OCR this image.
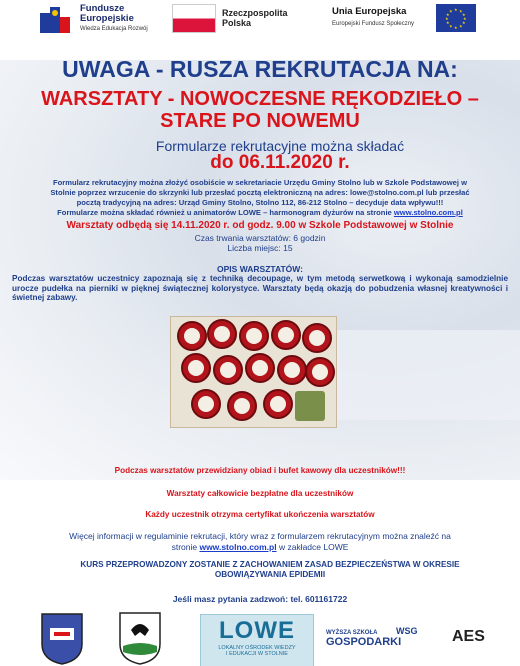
Fundusze
Europejskie
Wiedza Edukacja Rozwój
Rzeczpospolita
Polska
Unia Europejska
Europejski Fundusz Społeczny
★ ★
★
★
★
★
★
★
★
★
★
★
UWAGA - RUSZA REKRUTACJA NA:
WARSZTATY - NOWOCZESNE RĘKODZIEŁO –
STARE PO NOWEMU
Formularze rekrutacyjne można składać
do 06.11.2020 r.
Formularz rekrutacyjny można złożyć osobiście w sekretariacie Urzędu Gminy Stolno lub w Szkole Podstawowej w
Stolnie poprzez wrzucenie do skrzynki lub przesłać pocztą elektroniczną na adres: lowe@stolno.com.pl lub przesłać
pocztą tradycyjną na adres: Urząd Gminy Stolno, Stolno 112, 86-212 Stolno – decyduje data wpływu!!!
Formularze można składać również u animatorów LOWE – harmonogram dyżurów na stronie www.stolno.com.pl
Warsztaty odbędą się 14.11.2020 r. od godz. 9.00 w Szkole Podstawowej w Stolnie
Czas trwania warsztatów: 6 godzin
Liczba miejsc: 15
OPIS WARSZTATÓW:
Podczas warsztatów uczestnicy zapoznają się z techniką decoupage, w tym metodą serwetkową i wykonają samodzielnie urocze pudełka na pierniki w pięknej świątecznej kolorystyce. Warsztaty będą okazją do pobudzenia własnej kreatywności i świetnej zabawy.
Podczas warsztatów przewidziany obiad i bufet kawowy dla uczestników!!!
Warsztaty całkowicie bezpłatne dla uczestników
Każdy uczestnik otrzyma certyfikat ukończenia warsztatów
Więcej informacji w regulaminie rekrutacji, który wraz z formularzem rekrutacyjnym można znaleźć na
stronie www.stolno.com.pl w zakładce LOWE
KURS PRZEPROWADZONY ZOSTANIE Z ZACHOWANIEM ZASAD BEZPIECZEŃSTWA W OKRESIE
OBOWIĄZYWANIA EPIDEMII
Jeśli masz pytania zadzwoń: tel. 601161722
LOWE
LOKALNY OŚRODEK WIEDZY
I EDUKACJI W STOLNIE
WYŻSZA SZKOŁA
GOSPODARKI
WSG AES
